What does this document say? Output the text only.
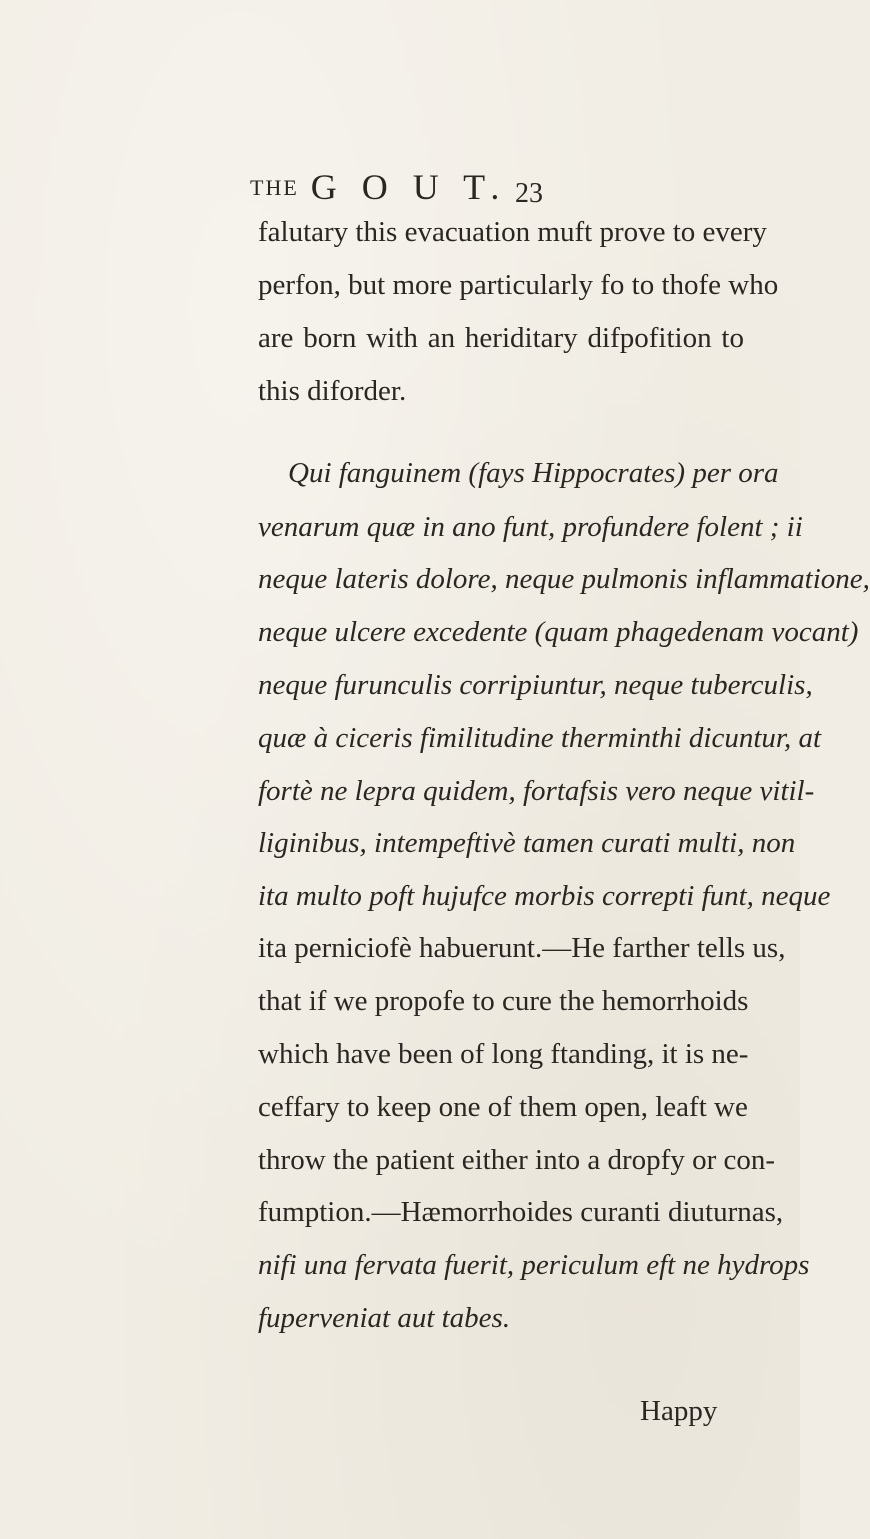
THE G O U T. 23
falutary this evacuation muft prove to every
perfon, but more particularly fo to thofe who
are born with an heriditary difpofition to
this diforder.
Qui fanguinem (fays Hippocrates) per ora
venarum quæ in ano funt, profundere folent ; ii
neque lateris dolore, neque pulmonis inflammatione,
neque ulcere excedente (quam phagedenam vocant)
neque furunculis corripiuntur, neque tuberculis,
quæ à ciceris fimilitudine therminthi dicuntur, at
fortè ne lepra quidem, fortafsis vero neque vitil-
liginibus, intempeftivè tamen curati multi, non
ita multo poft hujufce morbis correpti funt, neque
ita perniciofè habuerunt.—He farther tells us,
that if we propofe to cure the hemorrhoids
which have been of long ftanding, it is ne-
ceffary to keep one of them open, leaft we
throw the patient either into a dropfy or con-
fumption.—Hæmorrhoides curanti diuturnas,
nifi una fervata fuerit, periculum eft ne hydrops
fuperveniat aut tabes.
Happy
